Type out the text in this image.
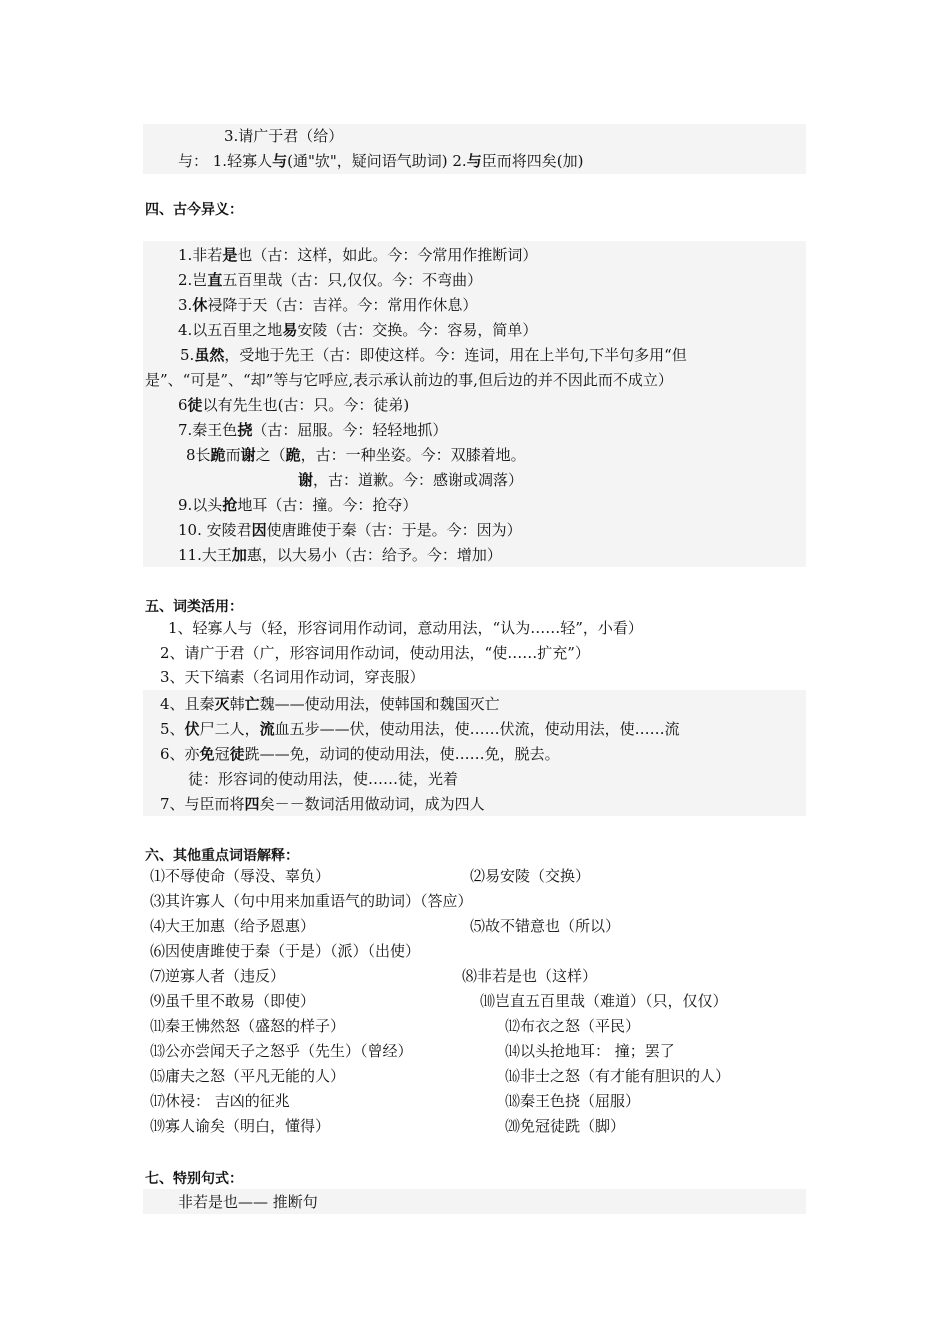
3.请广于君（给）
与： 1.轻寡人与(通"欤"，疑问语气助词) 2.与臣而将四矣(加)
四、古今异义：
1.非若是也（古：这样，如此。今：今常用作推断词）
2.岂直五百里哉（古：只,仅仅。今：不弯曲）
3.休祲降于天（古：吉祥。今：常用作休息）
4.以五百里之地易安陵（古：交换。今：容易，简单）
5.虽然，受地于先王（古：即使这样。今：连词，用在上半句,下半句多用“但
是”、“可是”、“却”等与它呼应,表示承认前边的事,但后边的并不因此而不成立）
6徒以有先生也(古：只。今：徒弟)
7.秦王色挠（古：屈服。今：轻轻地抓）
8长跪而谢之（跪，古：一种坐姿。今：双膝着地。
谢，古：道歉。今：感谢或凋落）
9.以头抢地耳（古：撞。今：抢夺）
10. 安陵君因使唐雎使于秦（古：于是。今：因为）
11.大王加惠，以大易小（古：给予。今：增加）
五、词类活用：
1、轻寡人与（轻，形容词用作动词，意动用法，“认为……轻”，小看）
2、请广于君（广，形容词用作动词，使动用法，“使……扩充”）
3、天下缟素（名词用作动词，穿丧服）
4、且秦灭韩亡魏——使动用法，使韩国和魏国灭亡
5、伏尸二人，流血五步——伏，使动用法，使……伏流，使动用法，使……流
6、亦免冠徒跣——免，动词的使动用法，使……免，脱去。
徒：形容词的使动用法，使……徒，光着
7、与臣而将四矣－－数词活用做动词，成为四人
六、其他重点词语解释：
⑴不辱使命（辱没、辜负）	⑵易安陵（交换）
⑶其许寡人（句中用来加重语气的助词）（答应）
⑷大王加惠（给予恩惠）	⑸故不错意也（所以）
⑹因使唐雎使于秦（于是）（派）（出使）
⑺逆寡人者（违反）	⑻非若是也（这样）
⑼虽千里不敢易（即使）	⑽岂直五百里哉（难道）（只，仅仅）
⑾秦王怫然怒（盛怒的样子）	⑿布衣之怒（平民）
⒀公亦尝闻天子之怒乎（先生）（曾经）	⒁以头抢地耳： 撞；罢了
⒂庸夫之怒（平凡无能的人）	⒃非士之怒（有才能有胆识的人）
⒄休祲： 吉凶的征兆	⒅秦王色挠（屈服）
⒆寡人谕矣（明白，懂得）	⒇免冠徒跣（脚）
七、特别句式：
非若是也—— 推断句
